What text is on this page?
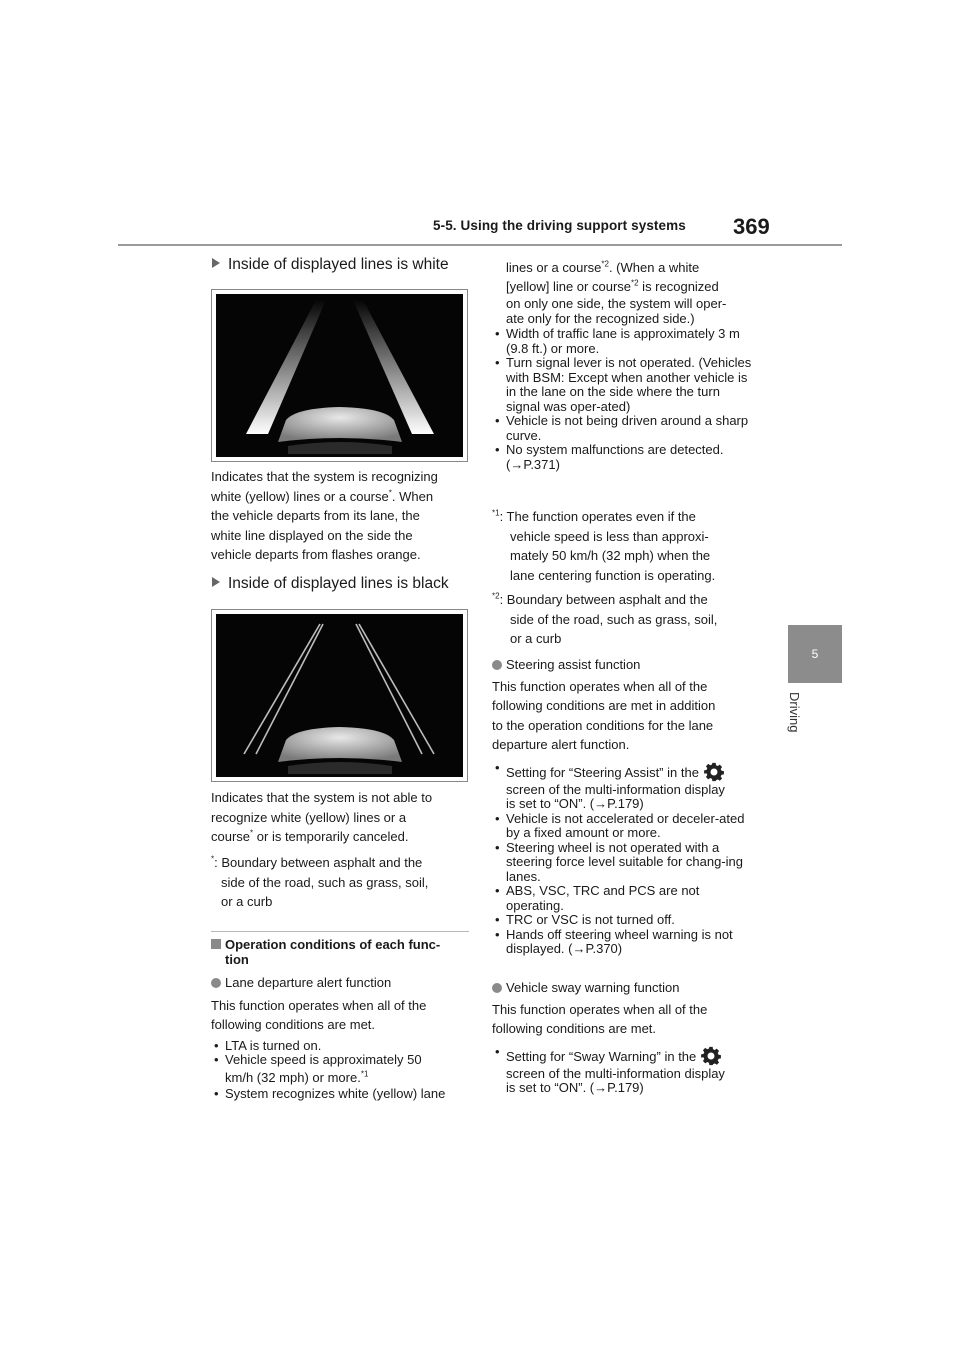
5-5. Using the driving support systems 369
5
Driving
Inside of displayed lines is white
Indicates that the system is recognizing
white (yellow) lines or a course*. When
the vehicle departs from its lane, the
white line displayed on the side the
vehicle departs from flashes orange.
Inside of displayed lines is black
Indicates that the system is not able to
recognize white (yellow) lines or a
course* or is temporarily canceled.
*: Boundary between asphalt and the
side of the road, such as grass, soil,
or a curb
Operation conditions of each func-
tion
Lane departure alert function
This function operates when all of the
following conditions are met.
• LTA is turned on.
• Vehicle speed is approximately 50
km/h (32 mph) or more.$^{*1}$
• System recognizes white (yellow) lane
lines or a course$^{*2}$. (When a white
[yellow] line or course$^{*2}$ is recognized
on only one side, the system will oper-
ate only for the recognized side.)
• Width of traffic lane is approximately 3 m (9.8 ft.) or more.
• Turn signal lever is not operated. (Vehicles with BSM: Except when another vehicle is in the lane on the side where the turn signal was oper-ated)
• Vehicle is not being driven around a sharp curve.
• No system malfunctions are detected. (→P.371)
$^{*1}$: The function operates even if the
vehicle speed is less than approxi-
mately 50 km/h (32 mph) when the
lane centering function is operating.
$^{*2}$: Boundary between asphalt and the
side of the road, such as grass, soil,
or a curb
Steering assist function
This function operates when all of the
following conditions are met in addition
to the operation conditions for the lane
departure alert function.
• Setting for “Steering Assist” in the
screen of the multi-information display
is set to “ON”. (→P.179)
• Vehicle is not accelerated or deceler-ated by a fixed amount or more.
• Steering wheel is not operated with a steering force level suitable for chang-ing lanes.
• ABS, VSC, TRC and PCS are not operating.
• TRC or VSC is not turned off.
• Hands off steering wheel warning is not displayed. (→P.370)
Vehicle sway warning function
This function operates when all of the
following conditions are met.
• Setting for “Sway Warning” in the
screen of the multi-information display
is set to “ON”. (→P.179)
